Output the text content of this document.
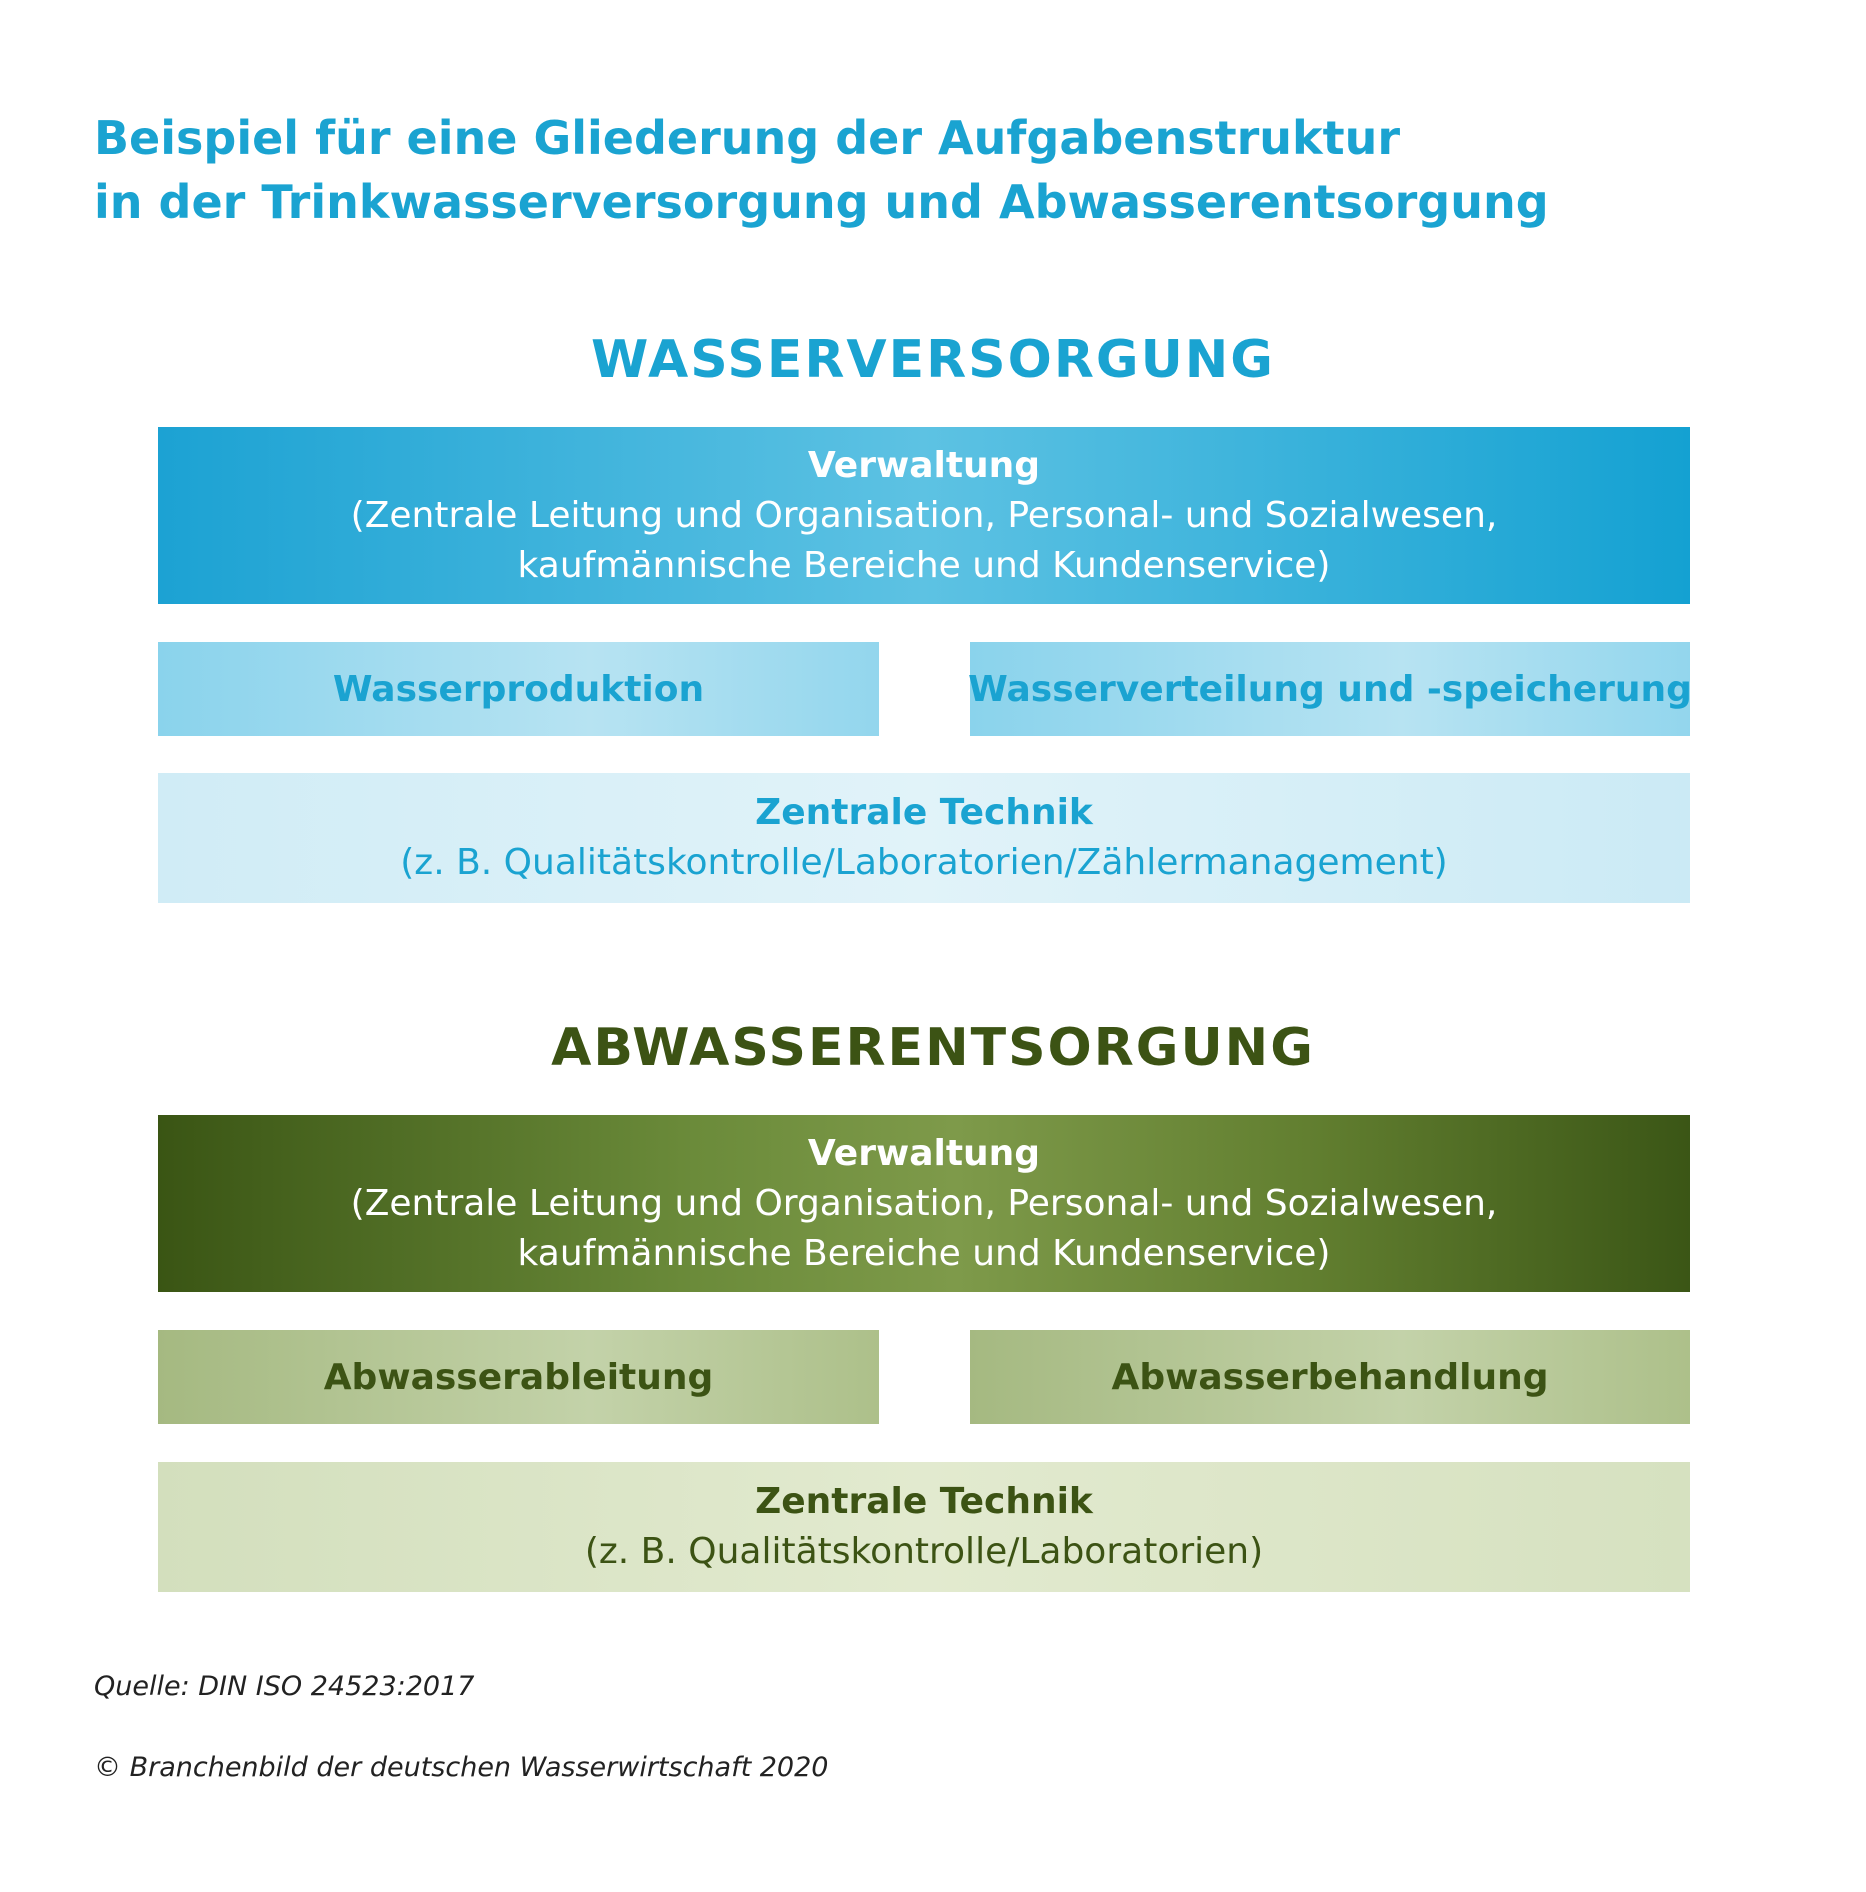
Beispiel für eine Gliederung der Aufgabenstruktur
in der Trinkwasserversorgung und Abwasserentsorgung
WASSERVERSORGUNG
Verwaltung
(Zentrale Leitung und Organisation, Personal- und Sozialwesen,
kaufmännische Bereiche und Kundenservice)
Wasserproduktion	Wasserverteilung und -speicherung
Zentrale Technik
(z. B. Qualitätskontrolle/Laboratorien/Zählermanagement)
ABWASSERENTSORGUNG
Verwaltung
(Zentrale Leitung und Organisation, Personal- und Sozialwesen,
kaufmännische Bereiche und Kundenservice)
Abwasserableitung	Abwasserbehandlung
Zentrale Technik
(z. B. Qualitätskontrolle/Laboratorien)
Quelle: DIN ISO 24523:2017
© Branchenbild der deutschen Wasserwirtschaft 2020
